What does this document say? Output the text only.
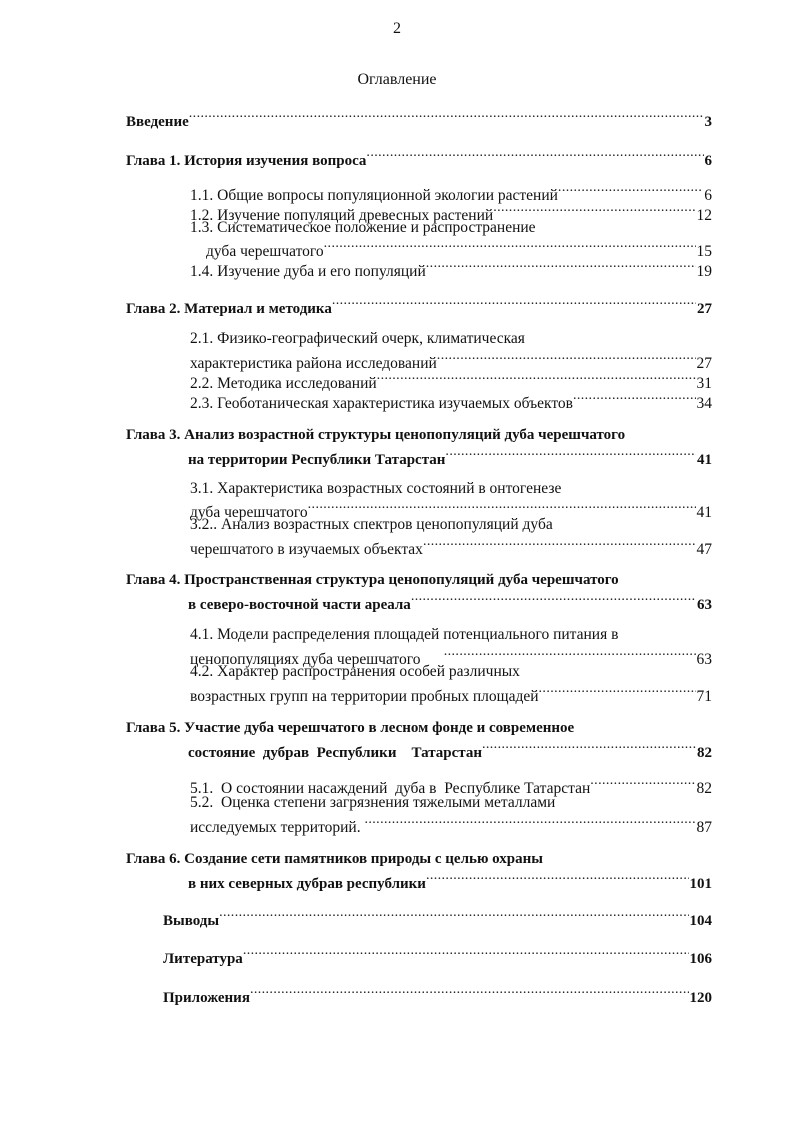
2
Оглавление
Введение .....	3
Глава 1. История изучения вопроса .....	6
1.1. Общие вопросы популяционной экологии растений .....	6
1.2. Изучение популяций древесных растений .....	12
1.3. Систематическое положение и распространение
дуба черешчатого .....	15
1.4. Изучение дуба и его популяций .....	19
Глава 2. Материал и методика .....	27
2.1. Физико-географический очерк, климатическая
характеристика района исследований .....	27
2.2. Методика исследований .....	31
2.3. Геоботаническая характеристика изучаемых объектов .....	34
Глава 3. Анализ возрастной структуры ценопопуляций дуба черешчатого
на территории Республики Татарстан .....	41
3.1. Характеристика возрастных состояний в онтогенезе
дуба черешчатого .....	41
3.2.. Анализ возрастных спектров ценопопуляций дуба
черешчатого в изучаемых объектах .....	47
Глава 4. Пространственная структура ценопопуляций дуба черешчатого
в северо-восточной части ареала .....	63
4.1. Модели распределения площадей потенциального питания в
ценопопуляциях дуба черешчатого .....	63
4.2. Характер распространения особей различных
возрастных групп на территории пробных площадей .....	71
Глава 5. Участие дуба черешчатого в лесном фонде и современное
состояние  дубрав  Республики    Татарстан .....	82
5.1.  О состоянии насаждений  дуба в  Республике Татарстан .....	82
5.2.  Оценка степени загрязнения тяжелыми металлами
исследуемых территорий. .....	87
Глава 6. Создание сети памятников природы с целью охраны
в них северных дубрав республики .....	101
Выводы .....	104
Литература .....	106
Приложения .....	120
